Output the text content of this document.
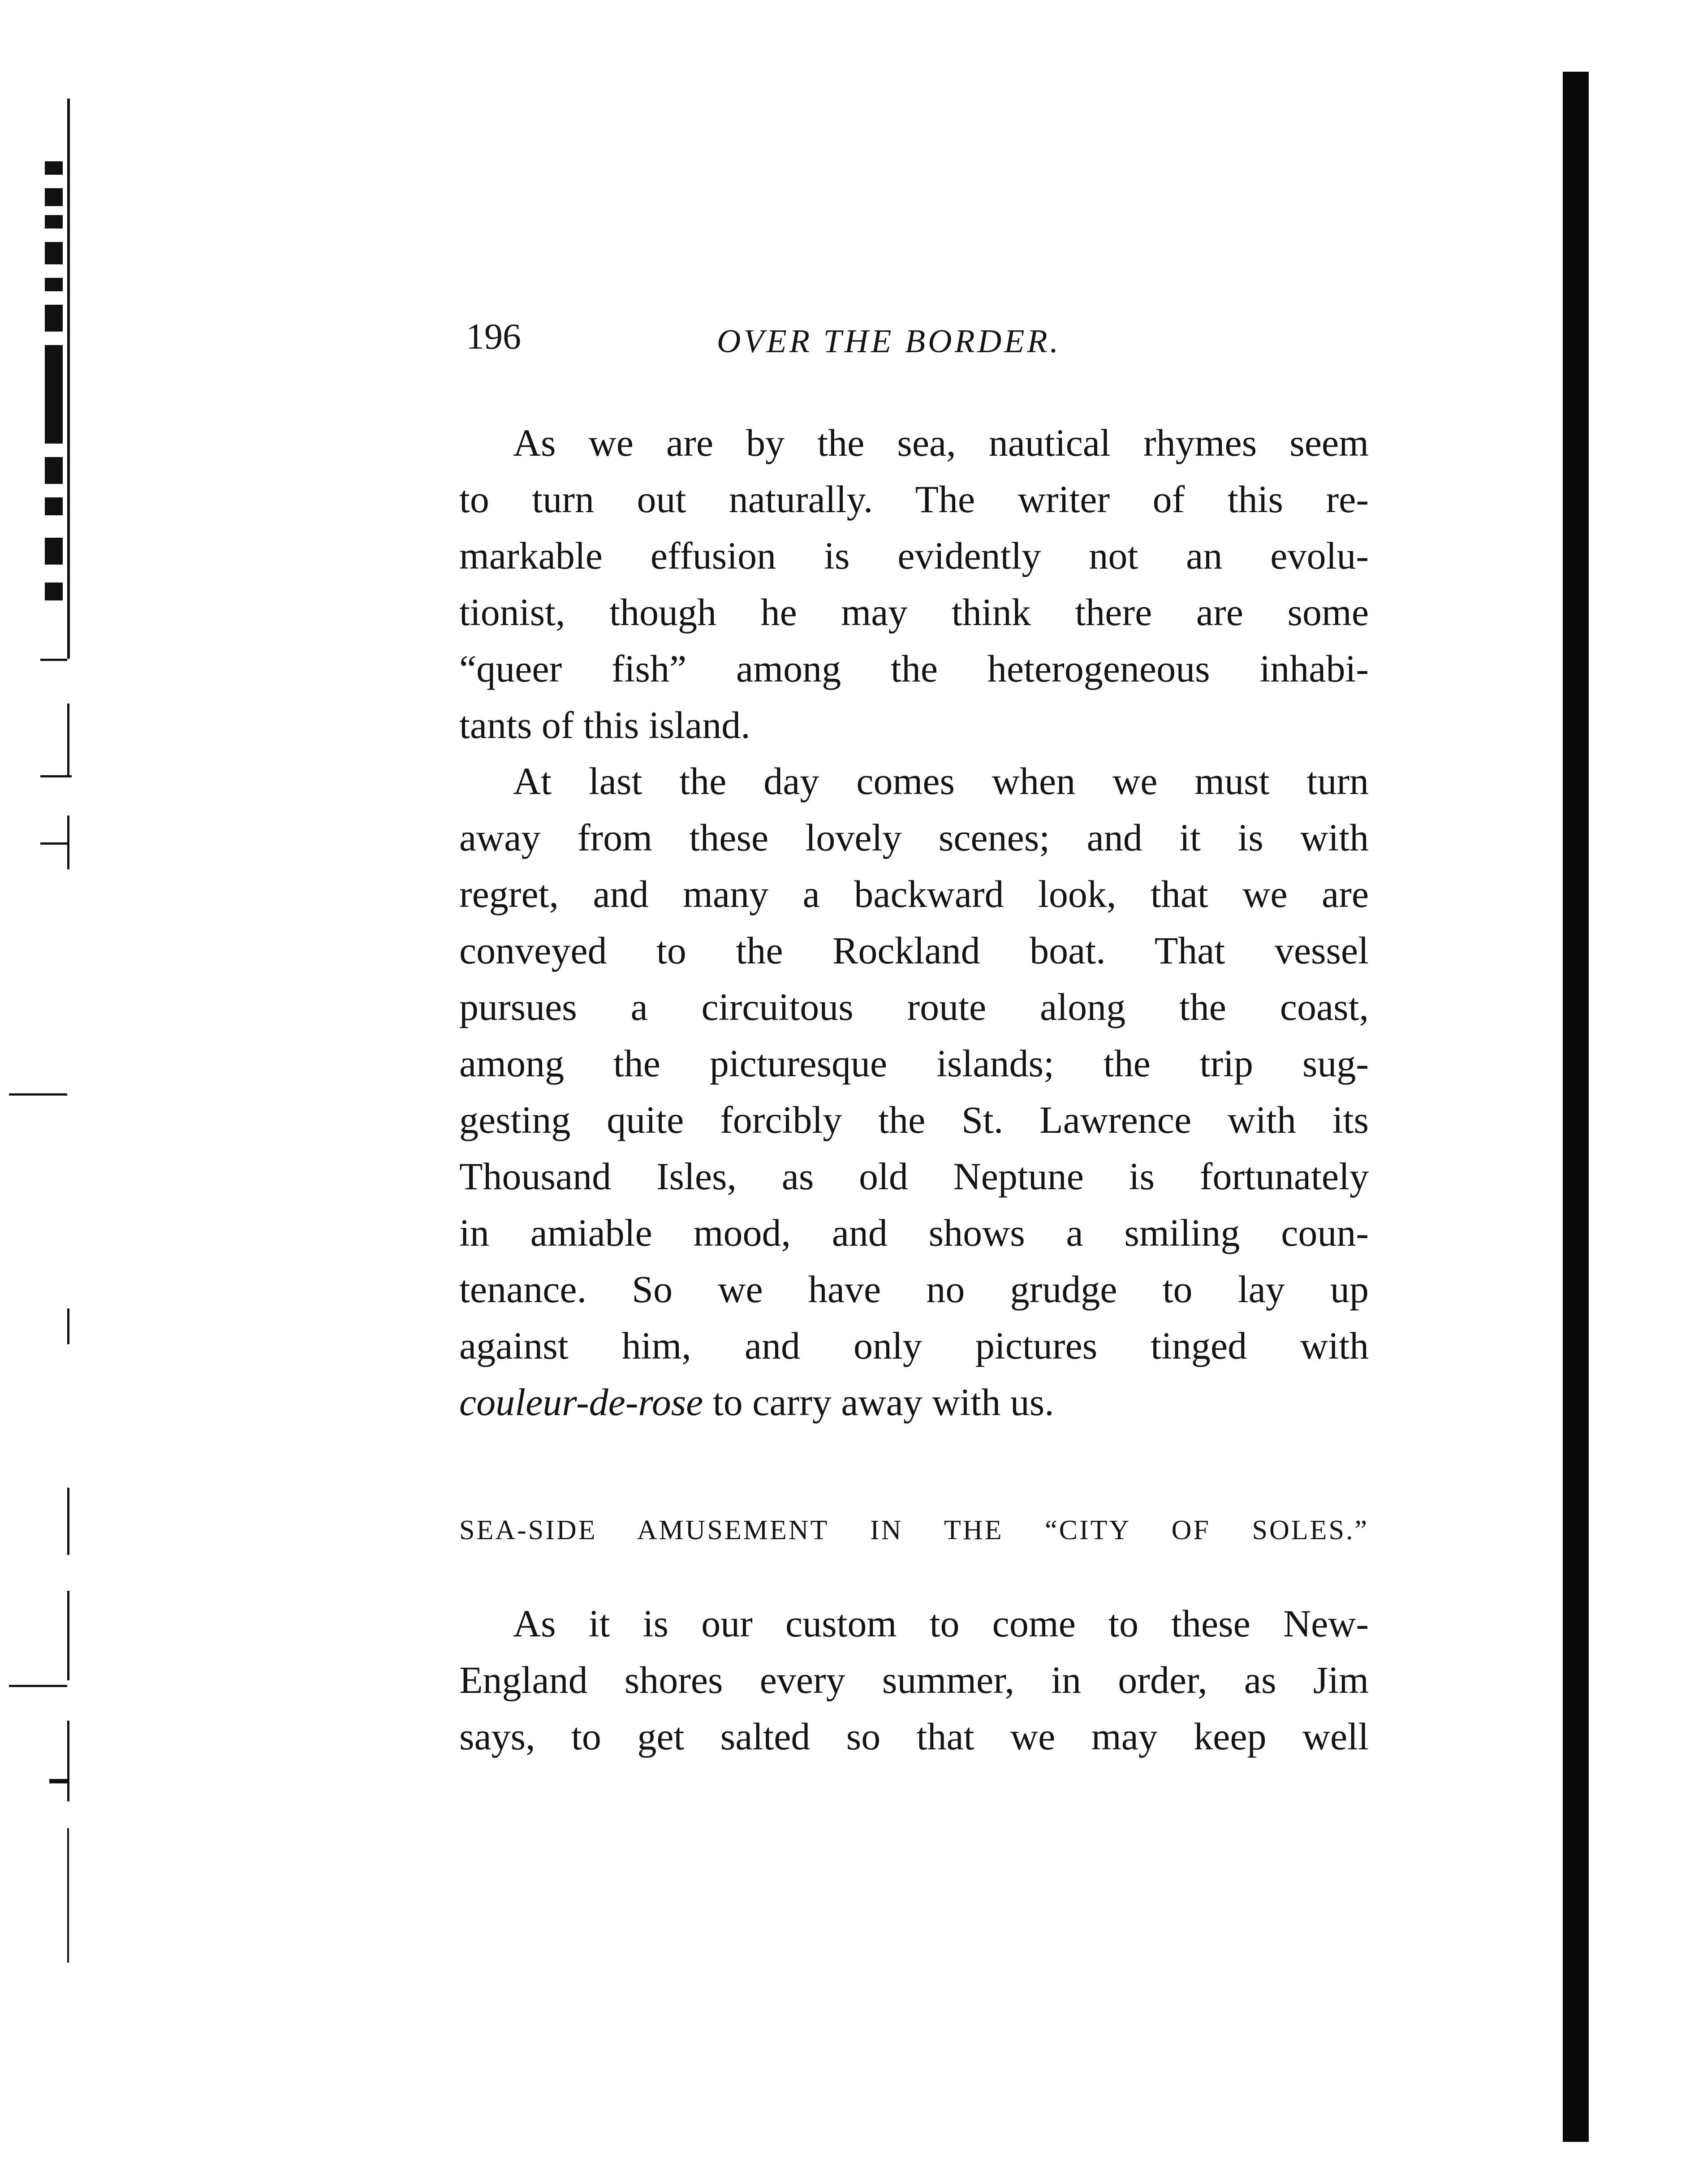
196	OVER THE BORDER.
As we are by the sea, nautical rhymes seem
to turn out naturally. The writer of this re-
markable effusion is evidently not an evolu-
tionist, though he may think there are some
“queer fish” among the heterogeneous inhabi-
tants of this island.
At last the day comes when we must turn
away from these lovely scenes; and it is with
regret, and many a backward look, that we are
conveyed to the Rockland boat. That vessel
pursues a circuitous route along the coast,
among the picturesque islands; the trip sug-
gesting quite forcibly the St. Lawrence with its
Thousand Isles, as old Neptune is fortunately
in amiable mood, and shows a smiling coun-
tenance. So we have no grudge to lay up
against him, and only pictures tinged with
couleur-de-rose to carry away with us.
SEA-SIDE AMUSEMENT IN THE “CITY OF SOLES.”
As it is our custom to come to these New-
England shores every summer, in order, as Jim
says, to get salted so that we may keep well
